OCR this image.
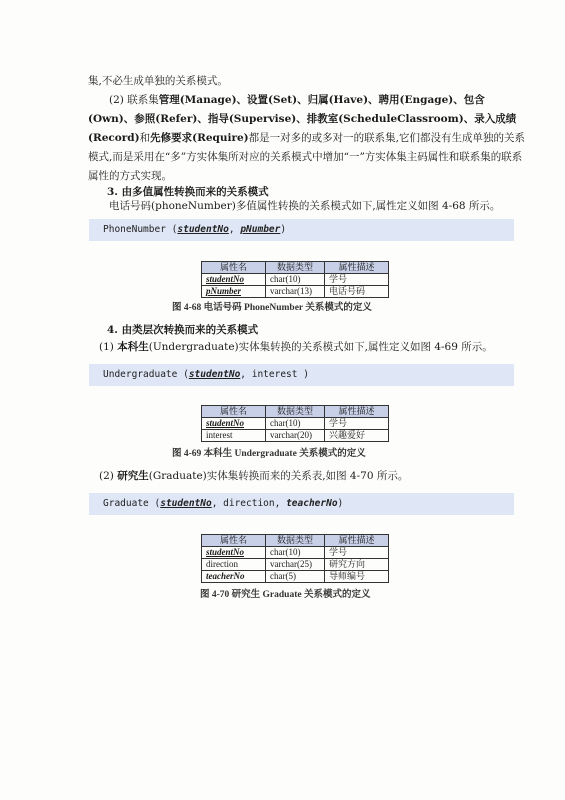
集,不必生成单独的关系模式。

(2) 联系集管理(Manage)、设置(Set)、归属(Have)、聘用(Engage)、包含(Own)、参照(Refer)、指导(Supervise)、排教室(ScheduleClassroom)、录入成绩(Record)和先修要求(Require)都是一对多的或多对一的联系集,它们都没有生成单独的关系模式,而是采用在“多”方实体集所对应的关系模式中增加“一”方实体集主码属性和联系集的联系属性的方式实现。

3. 由多值属性转换而来的关系模式

电话号码(phoneNumber)多值属性转换的关系模式如下,属性定义如图 4-68 所示。

PhoneNumber (studentNo, pNumber)
属性名	数据类型	属性描述
studentNo	char(10)	学号
pNumber	varchar(13)	电话号码
图 4-68 电话号码 PhoneNumber 关系模式的定义

4. 由类层次转换而来的关系模式

(1) 本科生(Undergraduate)实体集转换的关系模式如下,属性定义如图 4-69 所示。

Undergraduate (studentNo, interest )
属性名	数据类型	属性描述
studentNo	char(10)	学号
interest	varchar(20)	兴趣爱好
图 4-69 本科生 Undergraduate 关系模式的定义

(2) 研究生(Graduate)实体集转换而来的关系表,如图 4-70 所示。

Graduate (studentNo, direction, teacherNo)
属性名	数据类型	属性描述
studentNo	char(10)	学号
direction	varchar(25)	研究方向
teacherNo	char(5)	导师编号
图 4-70 研究生 Graduate 关系模式的定义
